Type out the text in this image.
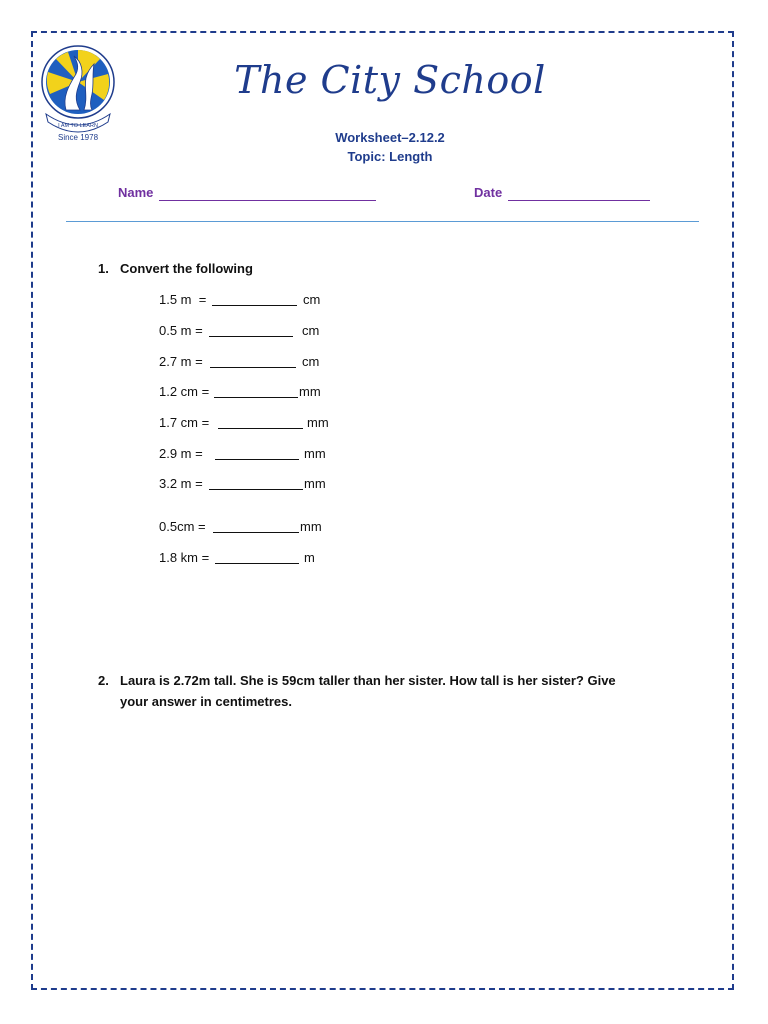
I AM TO LEARN
Since 1978
The City School
Worksheet–2.12.2
Topic: Length
Name	Date
1. Convert the following
1.5 m  =	cm
0.5 m =	cm
2.7 m =	cm
1.2 cm =	mm
1.7 cm =	mm
2.9 m =	mm
3.2 m =	mm
0.5cm =	mm
1.8 km =	m
2. Laura is 2.72m tall. She is 59cm taller than her sister. How tall is her sister? Give
your answer in centimetres.
